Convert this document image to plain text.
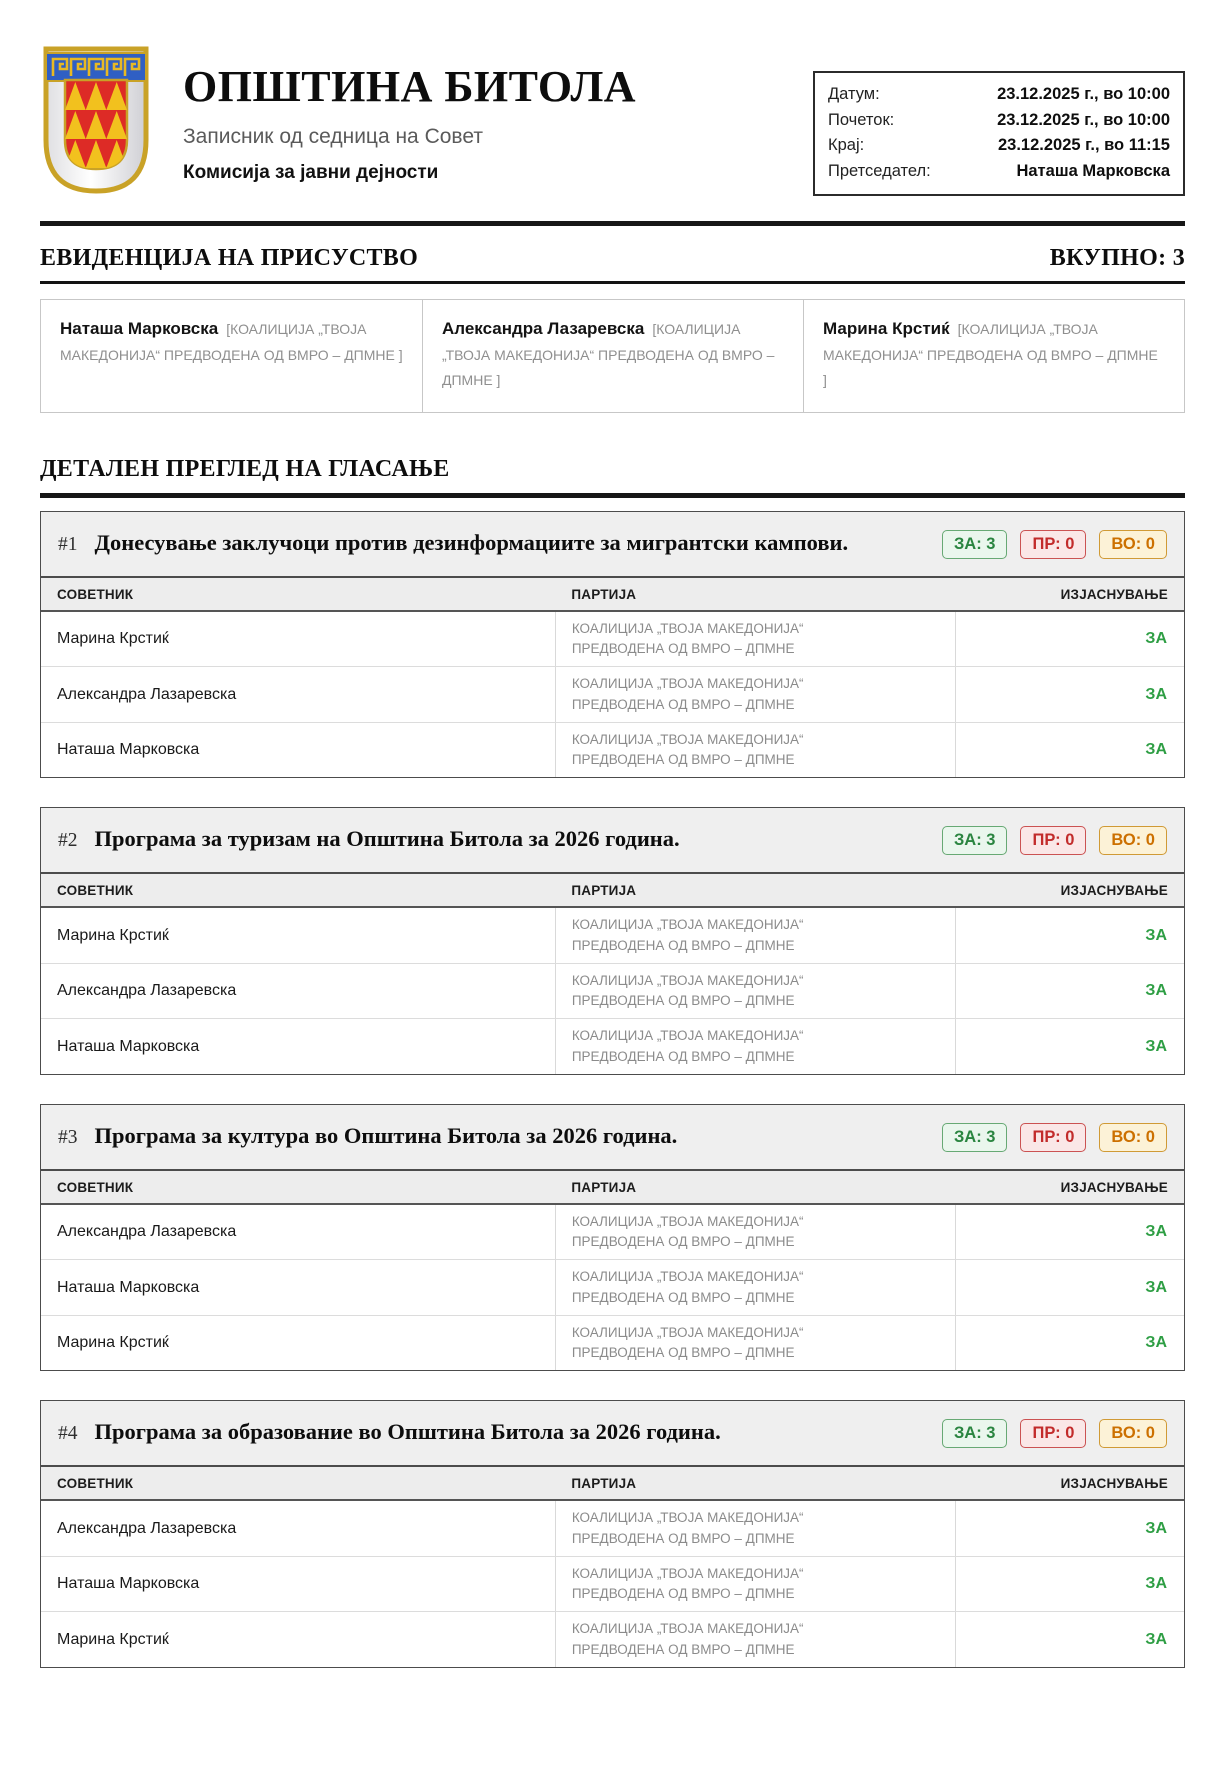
ОПШТИНА БИТОЛА
Записник од седница на Совет
Комисија за јавни дејности
Датум:	23.12.2025 г., во 10:00
Почеток:	23.12.2025 г., во 10:00
Крај:	23.12.2025 г., во 11:15
Претседател:	Наташа Марковска
ЕВИДЕНЦИЈА НА ПРИСУСТВО	ВКУПНО: 3

Наташа Марковска  [КОАЛИЦИЈА „ТВОЈА МАКЕДОНИЈА“ ПРЕДВОДЕНА ОД ВМРО – ДПМНЕ ]

Александра Лазаревска  [КОАЛИЦИЈА „ТВОЈА МАКЕДОНИЈА“ ПРЕДВОДЕНА ОД ВМРО – ДПМНЕ ]

Марина Крстиќ  [КОАЛИЦИЈА „ТВОЈА МАКЕДОНИЈА“ ПРЕДВОДЕНА ОД ВМРО – ДПМНЕ ]

ДЕТАЛЕН ПРЕГЛЕД НА ГЛАСАЊЕ
#1 Донесување заклучоци против дезинформациите за мигрантски кампови.	ЗА: 3	ПР: 0	ВО: 0
СОВЕТНИК	ПАРТИЈА	ИЗЈАСНУВАЊЕ
Марина Крстиќ	КОАЛИЦИЈА „ТВОЈА МАКЕДОНИЈА“ ПРЕДВОДЕНА ОД ВМРО – ДПМНЕ	ЗА
Александра Лазаревска	КОАЛИЦИЈА „ТВОЈА МАКЕДОНИЈА“ ПРЕДВОДЕНА ОД ВМРО – ДПМНЕ	ЗА
Наташа Марковска	КОАЛИЦИЈА „ТВОЈА МАКЕДОНИЈА“ ПРЕДВОДЕНА ОД ВМРО – ДПМНЕ	ЗА
#2 Програма за туризам на Општина Битола за 2026 година.	ЗА: 3	ПР: 0	ВО: 0
СОВЕТНИК	ПАРТИЈА	ИЗЈАСНУВАЊЕ
Марина Крстиќ	КОАЛИЦИЈА „ТВОЈА МАКЕДОНИЈА“ ПРЕДВОДЕНА ОД ВМРО – ДПМНЕ	ЗА
Александра Лазаревска	КОАЛИЦИЈА „ТВОЈА МАКЕДОНИЈА“ ПРЕДВОДЕНА ОД ВМРО – ДПМНЕ	ЗА
Наташа Марковска	КОАЛИЦИЈА „ТВОЈА МАКЕДОНИЈА“ ПРЕДВОДЕНА ОД ВМРО – ДПМНЕ	ЗА
#3 Програма за култура во Општина Битола за 2026 година.	ЗА: 3	ПР: 0	ВО: 0
СОВЕТНИК	ПАРТИЈА	ИЗЈАСНУВАЊЕ
Александра Лазаревска	КОАЛИЦИЈА „ТВОЈА МАКЕДОНИЈА“ ПРЕДВОДЕНА ОД ВМРО – ДПМНЕ	ЗА
Наташа Марковска	КОАЛИЦИЈА „ТВОЈА МАКЕДОНИЈА“ ПРЕДВОДЕНА ОД ВМРО – ДПМНЕ	ЗА
Марина Крстиќ	КОАЛИЦИЈА „ТВОЈА МАКЕДОНИЈА“ ПРЕДВОДЕНА ОД ВМРО – ДПМНЕ	ЗА
#4 Програма за образование во Општина Битола за 2026 година.	ЗА: 3	ПР: 0	ВО: 0
СОВЕТНИК	ПАРТИЈА	ИЗЈАСНУВАЊЕ
Александра Лазаревска	КОАЛИЦИЈА „ТВОЈА МАКЕДОНИЈА“ ПРЕДВОДЕНА ОД ВМРО – ДПМНЕ	ЗА
Наташа Марковска	КОАЛИЦИЈА „ТВОЈА МАКЕДОНИЈА“ ПРЕДВОДЕНА ОД ВМРО – ДПМНЕ	ЗА
Марина Крстиќ	КОАЛИЦИЈА „ТВОЈА МАКЕДОНИЈА“ ПРЕДВОДЕНА ОД ВМРО – ДПМНЕ	ЗА
